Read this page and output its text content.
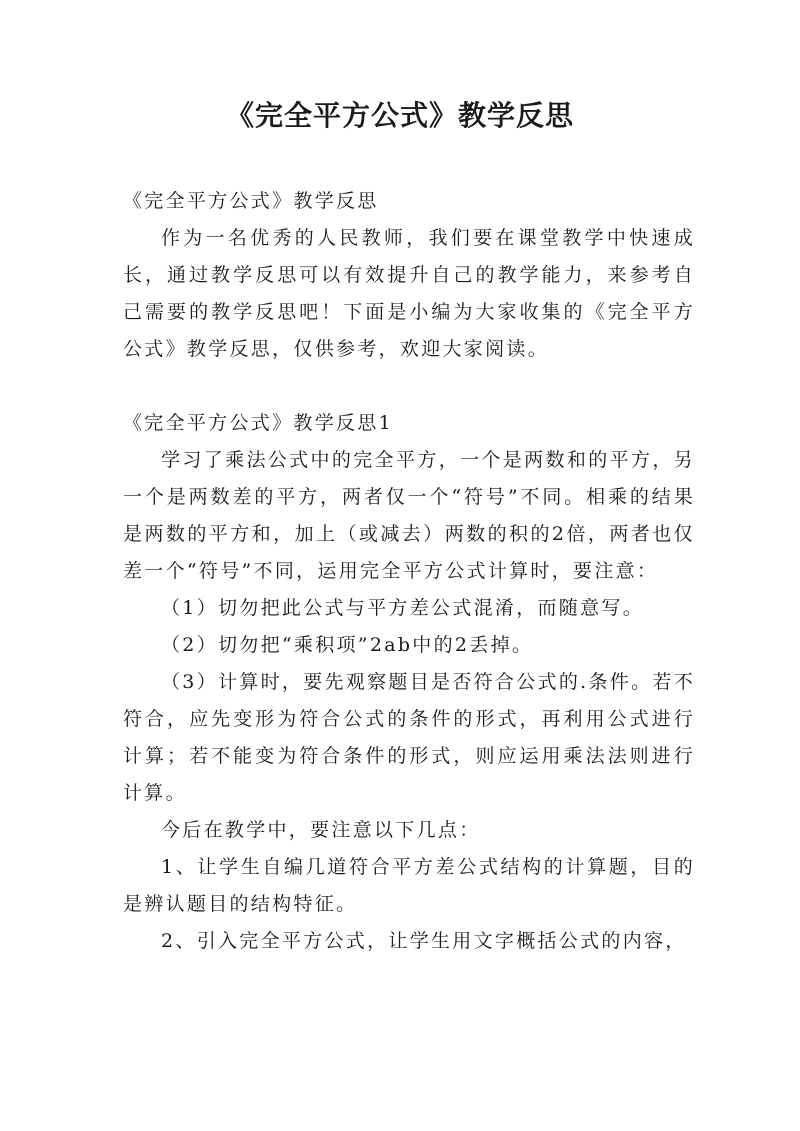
《完全平方公式》教学反思

《完全平方公式》教学反思

作为一名优秀的人民教师，我们要在课堂教学中快速成长，通过教学反思可以有效提升自己的教学能力，来参考自己需要的教学反思吧！下面是小编为大家收集的《完全平方公式》教学反思，仅供参考，欢迎大家阅读。

《完全平方公式》教学反思1

学习了乘法公式中的完全平方，一个是两数和的平方，另一个是两数差的平方，两者仅一个“符号”不同。相乘的结果是两数的平方和，加上（或减去）两数的积的2倍，两者也仅差一个“符号”不同，运用完全平方公式计算时，要注意：

（1）切勿把此公式与平方差公式混淆，而随意写。

（2）切勿把“乘积项”2ab中的2丢掉。

（3）计算时，要先观察题目是否符合公式的.条件。若不符合，应先变形为符合公式的条件的形式，再利用公式进行计算；若不能变为符合条件的形式，则应运用乘法法则进行计算。

今后在教学中，要注意以下几点：

1、让学生自编几道符合平方差公式结构的计算题，目的是辨认题目的结构特征。

2、引入完全平方公式，让学生用文字概括公式的内容，
